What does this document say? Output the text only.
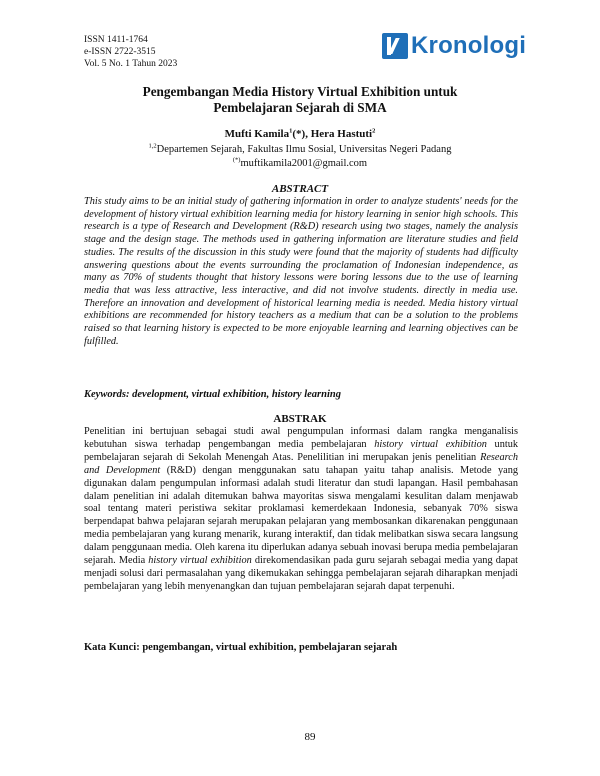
ISSN 1411-1764
e-ISSN 2722-3515
Vol. 5 No. 1 Tahun 2023
Kronologi
Pengembangan Media History Virtual Exhibition untuk
Pembelajaran Sejarah di SMA
Mufti Kamila$^1$(*), Hera Hastuti$^2$
$^{1,2}$Departemen Sejarah, Fakultas Ilmu Sosial, Universitas Negeri Padang
(*)muftikamila2001@gmail.com
ABSTRACT

This study aims to be an initial study of gathering information in order to analyze students' needs for the development of history virtual exhibition learning media for history learning in senior high schools. This research is a type of Research and Development (R&D) research using two stages, namely the analysis stage and the design stage. The methods used in gathering information are literature studies and field studies. The results of the discussion in this study were found that the majority of students had difficulty answering questions about the events surrounding the proclamation of Indonesian independence, as many as 70% of students thought that history lessons were boring lessons due to the use of learning media that was less attractive, less interactive, and did not involve students. directly in media use. Therefore an innovation and development of historical learning media is needed. Media history virtual exhibitions are recommended for history teachers as a medium that can be a solution to the problems raised so that learning history is expected to be more enjoyable learning and learning objectives can be fulfilled.

Keywords: development, virtual exhibition, history learning
ABSTRAK

Penelitian ini bertujuan sebagai studi awal pengumpulan informasi dalam rangka menganalisis kebutuhan siswa terhadap pengembangan media pembelajaran history virtual exhibition untuk pembelajaran sejarah di Sekolah Menengah Atas. Penelilitian ini merupakan jenis penelitian Research and Development (R&D) dengan menggunakan satu tahapan yaitu tahap analisis. Metode yang digunakan dalam pengumpulan informasi adalah studi literatur dan studi lapangan. Hasil pembahasan dalam penelitian ini adalah ditemukan bahwa mayoritas siswa mengalami kesulitan dalam menjawab soal tentang materi peristiwa sekitar proklamasi kemerdekaan Indonesia, sebanyak 70% siswa berpendapat bahwa pelajaran sejarah merupakan pelajaran yang membosankan dikarenakan penggunaan media pembelajaran yang kurang menarik, kurang interaktif, dan tidak melibatkan siswa secara langsung dalam penggunaan media. Oleh karena itu diperlukan adanya sebuah inovasi berupa media pembelajaran sejarah. Media history virtual exhibition direkomendasikan pada guru sejarah sebagai media yang dapat menjadi solusi dari permasalahan yang dikemukakan sehingga pembelajaran sejarah diharapkan menjadi pembelajaran yang lebih menyenangkan dan tujuan pembelajaran sejarah dapat terpenuhi.

Kata Kunci: pengembangan, virtual exhibition, pembelajaran sejarah
89
